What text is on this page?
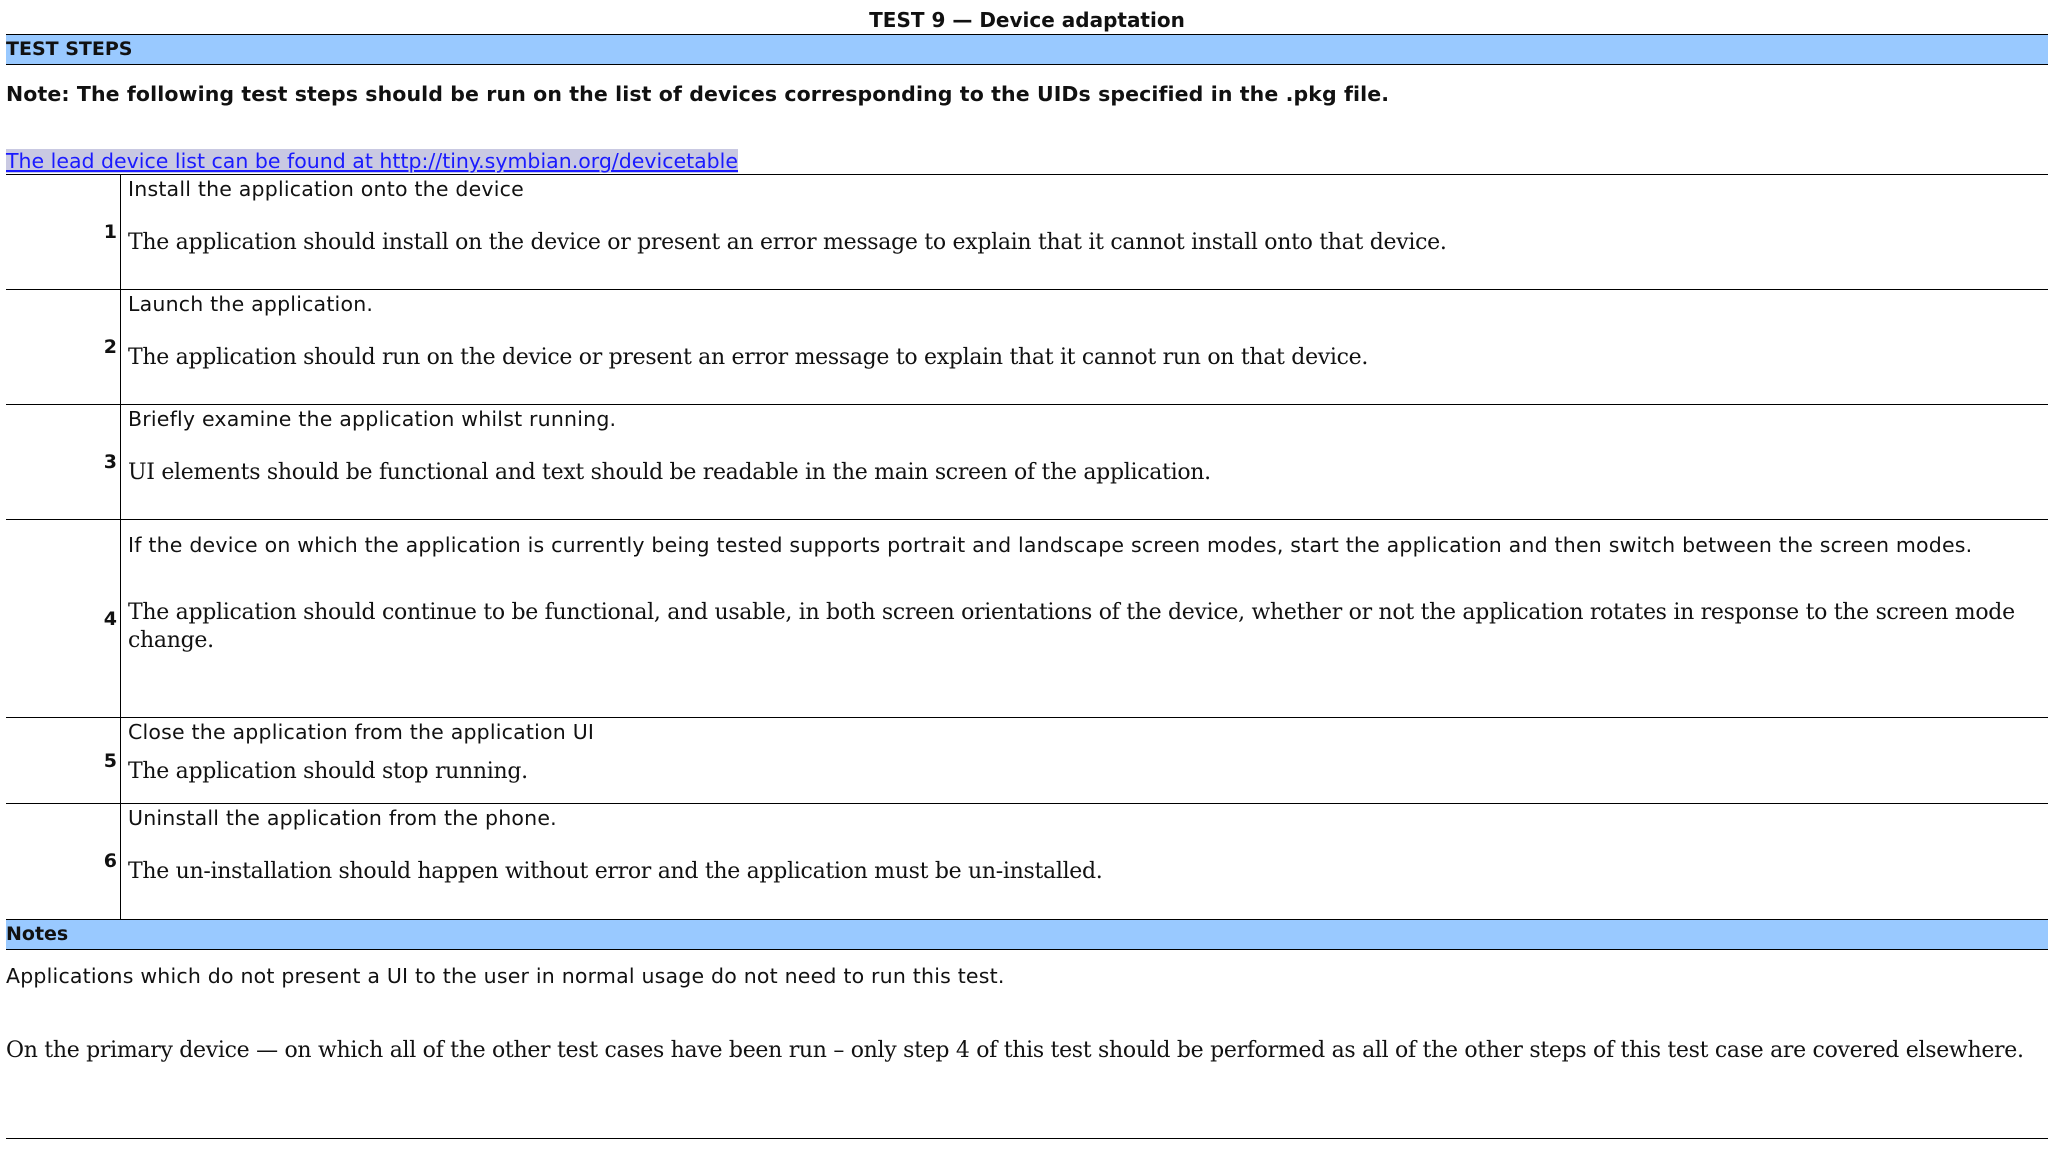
TEST 9 — Device adaptation
TEST STEPS
Note: The following test steps should be run on the list of devices corresponding to the UIDs specified in the .pkg file.
The lead device list can be found at http://tiny.symbian.org/devicetable
1	Install the application onto the device
The application should install on the device or present an error message to explain that it cannot install onto that device.

2	Launch the application.
The application should run on the device or present an error message to explain that it cannot run on that device.

3	Briefly examine the application whilst running.
UI elements should be functional and text should be readable in the main screen of the application.

4	If the device on which the application is currently being tested supports portrait and landscape screen modes, start the application and then switch between the screen modes.
The application should continue to be functional, and usable, in both screen orientations of the device, whether or not the application rotates in response to the screen mode change.

5	Close the application from the application UI
The application should stop running.

6	Uninstall the application from the phone.
The un-installation should happen without error and the application must be un-installed.
Notes
Applications which do not present a UI to the user in normal usage do not need to run this test.
On the primary device — on which all of the other test cases have been run – only step 4 of this test should be performed as all of the other steps of this test case are covered elsewhere.
